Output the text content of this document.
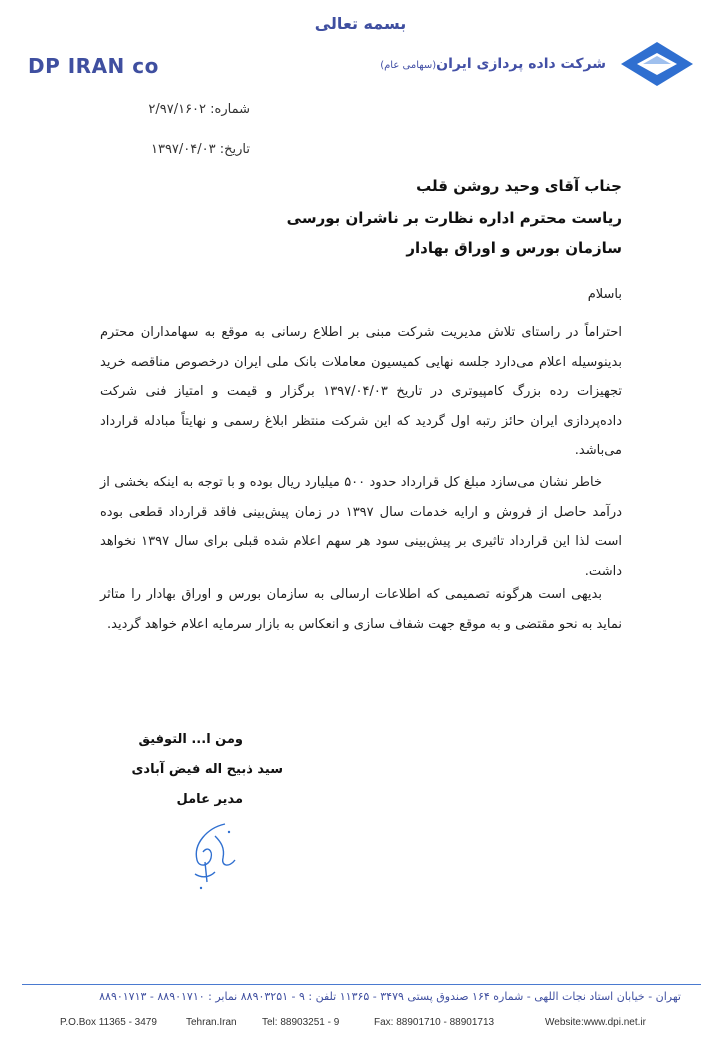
بسمه تعالی
DP IRAN co	شرکت داده پردازی ایران(سهامی عام)
شماره: ۲/۹۷/۱۶۰۲
تاریخ: ۱۳۹۷/۰۴/۰۳
جناب آقای وحید روشن قلب
ریاست محترم اداره نظارت بر ناشران بورسی
سازمان بورس و اوراق بهادار
باسلام
احتراماً در راستای تلاش مدیریت شرکت مبنی بر اطلاع رسانی به موقع به سهامداران محترم بدینوسیله اعلام می‌دارد جلسه نهایی کمیسیون معاملات بانک ملی ایران درخصوص مناقصه خرید تجهیزات رده بزرگ کامپیوتری در تاریخ ۱۳۹۷/۰۴/۰۳ برگزار و قیمت و امتیاز فنی شرکت داده‌پردازی ایران حائز رتبه اول گردید که این شرکت منتظر ابلاغ رسمی و نهایتاً مبادله قرارداد می‌باشد.
خاطر نشان می‌سازد مبلغ کل قرارداد حدود ۵۰۰ میلیارد ریال بوده و با توجه به اینکه بخشی از درآمد حاصل از فروش و ارایه خدمات سال ۱۳۹۷ در زمان پیش‌بینی فاقد قرارداد قطعی بوده است لذا این قرارداد تاثیری بر پیش‌بینی سود هر سهم اعلام شده قبلی برای سال ۱۳۹۷ نخواهد داشت.
بدیهی است هرگونه تصمیمی که اطلاعات ارسالی به سازمان بورس و اوراق بهادار را متاثر نماید به نحو مقتضی و به موقع جهت شفاف سازی و انعکاس به بازار سرمایه اعلام خواهد گردید.
ومن ا... التوفیق
سید ذبیح اله فیض آبادی
مدیر عامل
تهران - خیابان استاد نجات اللهی - شماره ۱۶۴ صندوق پستی ۳۴۷۹ - ۱۱۳۶۵ تلفن : ۹ - ۸۸۹۰۳۲۵۱ نمابر : ۸۸۹۰۱۷۱۰ - ۸۸۹۰۱۷۱۳
P.O.Box 11365 - 3479	Tehran.Iran	Tel: 88903251 - 9	Fax: 88901710 - 88901713	Website:www.dpi.net.ir
